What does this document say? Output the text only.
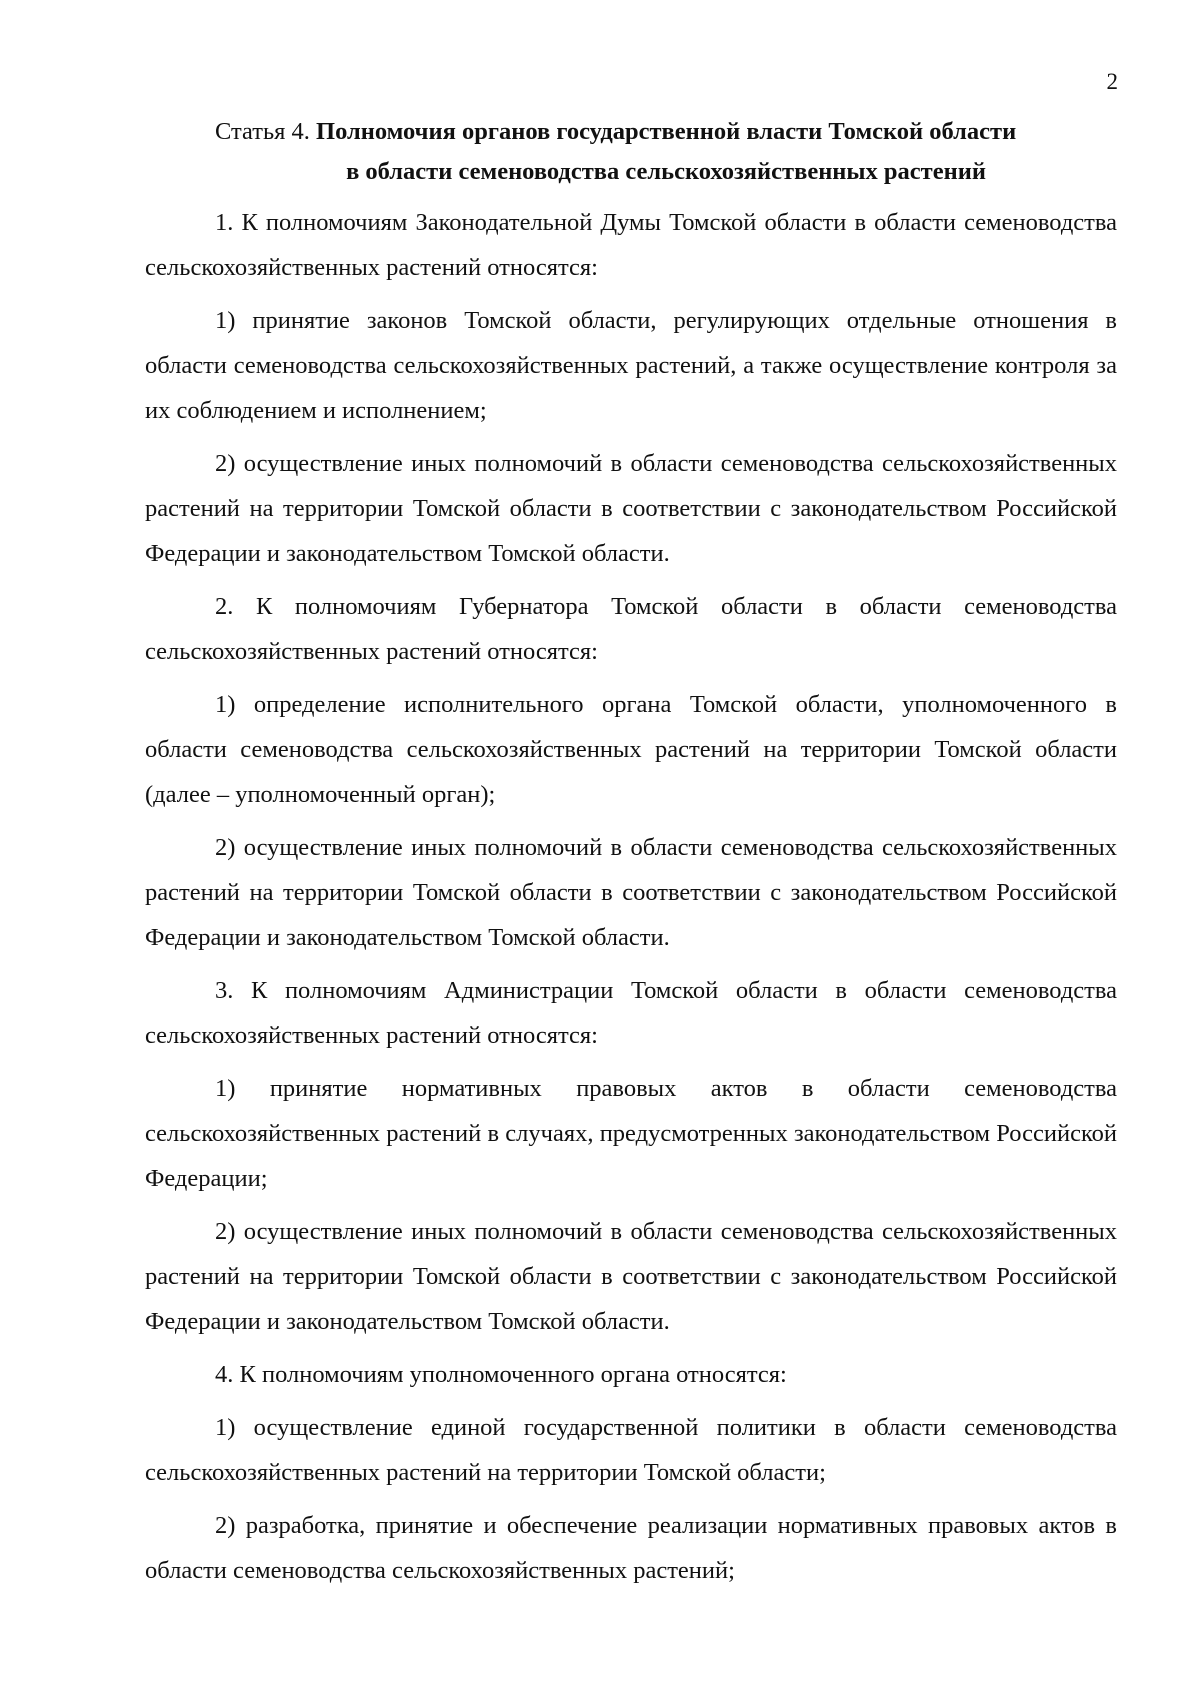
2
Статья 4. Полномочия органов государственной власти Томской области
в области семеноводства сельскохозяйственных растений

1. К полномочиям Законодательной Думы Томской области в области семеноводства сельскохозяйственных растений относятся:

1) принятие законов Томской области, регулирующих отдельные отношения в области семеноводства сельскохозяйственных растений, а также осуществление контроля за их соблюдением и исполнением;

2) осуществление иных полномочий в области семеноводства сельскохозяйственных растений на территории Томской области в соответствии с законодательством Российской Федерации и законодательством Томской области.

2. К полномочиям Губернатора Томской области в области семеноводства сельскохозяйственных растений относятся:

1) определение исполнительного органа Томской области, уполномоченного в области семеноводства сельскохозяйственных растений на территории Томской области (далее – уполномоченный орган);

2) осуществление иных полномочий в области семеноводства сельскохозяйственных растений на территории Томской области в соответствии с законодательством Российской Федерации и законодательством Томской области.

3. К полномочиям Администрации Томской области в области семеноводства сельскохозяйственных растений относятся:

1) принятие нормативных правовых актов в области семеноводства сельскохозяйственных растений в случаях, предусмотренных законодательством Российской Федерации;

2) осуществление иных полномочий в области семеноводства сельскохозяйственных растений на территории Томской области в соответствии с законодательством Российской Федерации и законодательством Томской области.

4. К полномочиям уполномоченного органа относятся:

1) осуществление единой государственной политики в области семеноводства сельскохозяйственных растений на территории Томской области;

2) разработка, принятие и обеспечение реализации нормативных правовых актов в области семеноводства сельскохозяйственных растений;
